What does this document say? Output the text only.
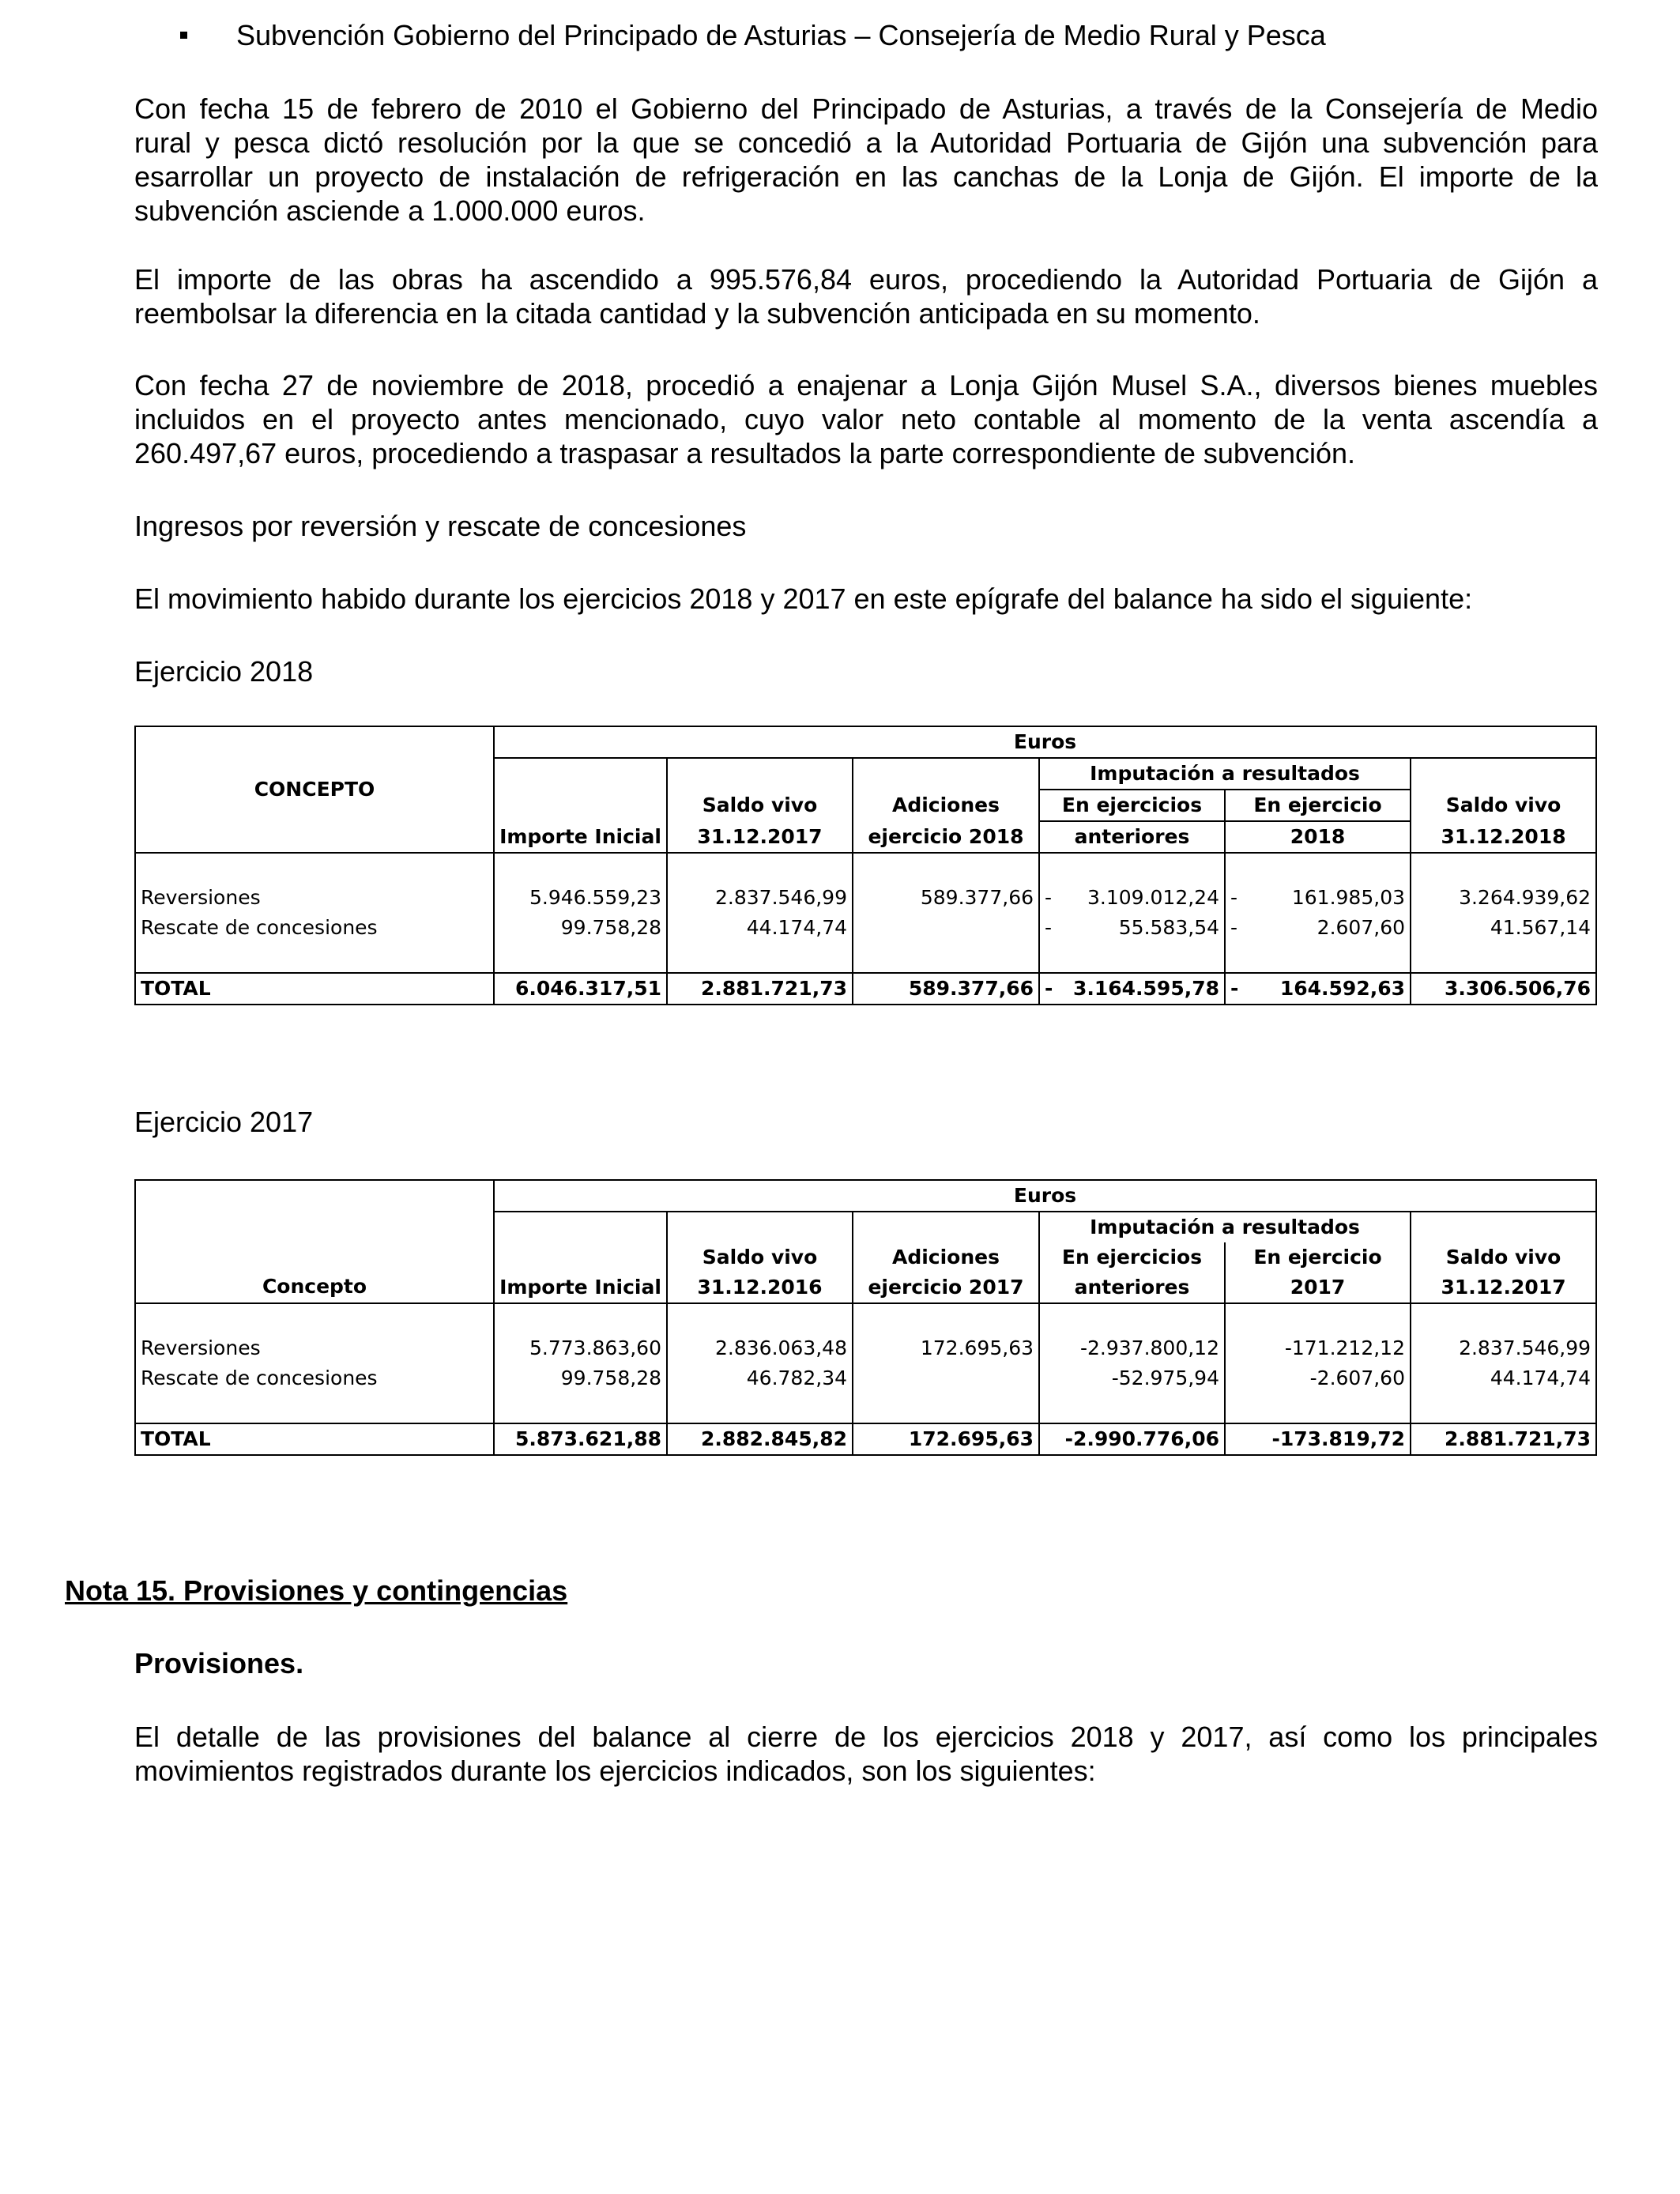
Subvención Gobierno del Principado de Asturias – Consejería de Medio Rural y Pesca
Con fecha 15 de febrero de 2010 el Gobierno del Principado de Asturias, a través de la Consejería de Medio
rural y pesca dictó resolución por la que se concedió a la Autoridad Portuaria de Gijón una subvención para
esarrollar un proyecto de instalación de refrigeración en las canchas de la Lonja de Gijón. El importe de la
subvención asciende a 1.000.000 euros.
El importe de las obras ha ascendido a 995.576,84 euros, procediendo la Autoridad Portuaria de Gijón a
reembolsar la diferencia en la citada cantidad y la subvención anticipada en su momento.
Con fecha 27 de noviembre de 2018, procedió a enajenar a Lonja Gijón Musel S.A., diversos bienes muebles
incluidos en el proyecto antes mencionado, cuyo valor neto contable al momento de la venta ascendía a
260.497,67 euros, procediendo a traspasar a resultados la parte correspondiente de subvención.
Ingresos por reversión y rescate de concesiones
El movimiento habido durante los ejercicios 2018 y 2017 en este epígrafe del balance ha sido el siguiente:
Ejercicio 2018
CONCEPTO	Euros					
				Imputación a resultados		
		Saldo vivo	Adiciones	En ejercicios	En ejercicio	Saldo vivo
	Importe Inicial	31.12.2017	ejercicio 2018	anteriores	2018	31.12.2018

Reversiones	5.946.559,23	2.837.546,99	589.377,66	- 3.109.012,24	- 161.985,03	3.264.939,62
Rescate de concesiones	99.758,28	44.174,74		- 55.583,54	- 2.607,60	41.567,14

TOTAL	6.046.317,51	2.881.721,73	589.377,66	- 3.164.595,78	- 164.592,63	3.306.506,76
Ejercicio 2017
Concepto	Euros					
				Imputación a resultados		
		Saldo vivo	Adiciones	En ejercicios	En ejercicio	Saldo vivo
	Importe Inicial	31.12.2016	ejercicio 2017	anteriores	2017	31.12.2017

Reversiones	5.773.863,60	2.836.063,48	172.695,63	-2.937.800,12	-171.212,12	2.837.546,99
Rescate de concesiones	99.758,28	46.782,34		-52.975,94	-2.607,60	44.174,74

TOTAL	5.873.621,88	2.882.845,82	172.695,63	-2.990.776,06	-173.819,72	2.881.721,73
Nota 15. Provisiones y contingencias
Provisiones.
El detalle de las provisiones del balance al cierre de los ejercicios 2018 y 2017, así como los principales
movimientos registrados durante los ejercicios indicados, son los siguientes:
